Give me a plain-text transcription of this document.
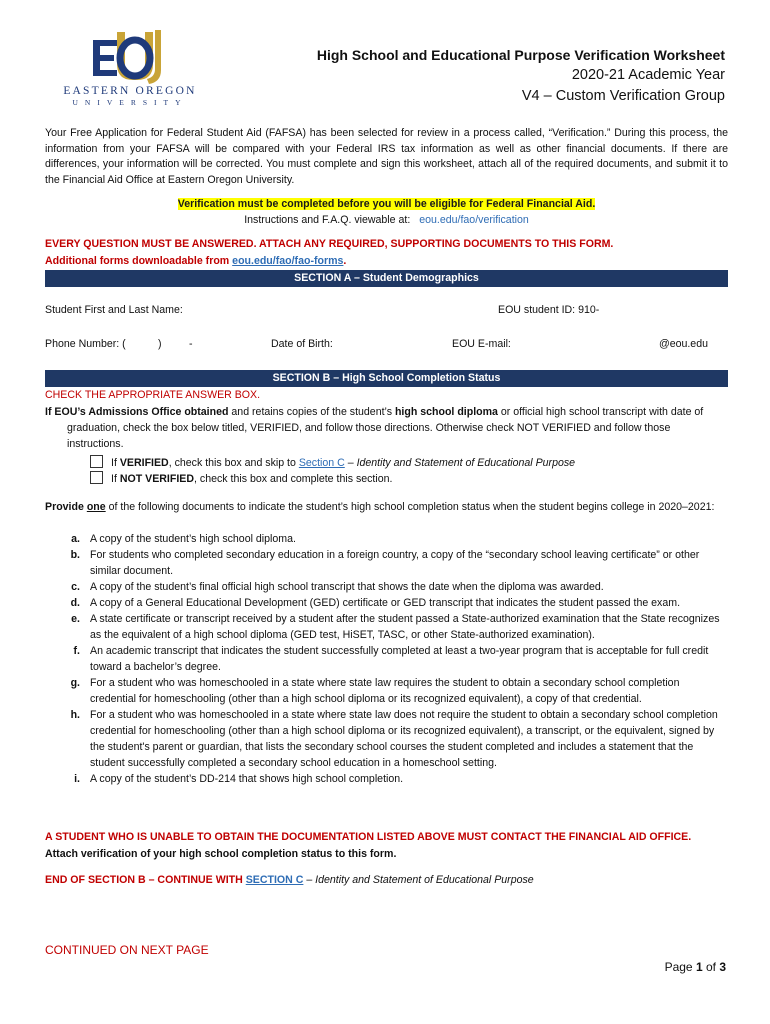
EASTERN OREGON
UNIVERSITY
High School and Educational Purpose Verification Worksheet
2020-21 Academic Year
V4 – Custom Verification Group
Your Free Application for Federal Student Aid (FAFSA) has been selected for review in a process called, “Verification.” During this process, the information from your FAFSA will be compared with your Federal IRS tax information as well as other financial documents. If there are differences, your information will be corrected. You must complete and sign this worksheet, attach all of the required documents, and submit it to the Financial Aid Office at Eastern Oregon University.
Verification must be completed before you will be eligible for Federal Financial Aid.
Instructions and F.A.Q. viewable at: eou.edu/fao/verification
EVERY QUESTION MUST BE ANSWERED. ATTACH ANY REQUIRED, SUPPORTING DOCUMENTS TO THIS FORM.
Additional forms downloadable from eou.edu/fao/fao-forms.
SECTION A – Student Demographics
Student First and Last Name:	EOU student ID: 910-
Phone Number: (	)	-	Date of Birth:	EOU E-mail:	@eou.edu
SECTION B – High School Completion Status
CHECK THE APPROPRIATE ANSWER BOX.
If EOU’s Admissions Office obtained and retains copies of the student’s high school diploma or official high school transcript with date of graduation, check the box below titled, VERIFIED, and follow those directions. Otherwise check NOT VERIFIED and follow those instructions.
If VERIFIED, check this box and skip to Section C – Identity and Statement of Educational Purpose
If NOT VERIFIED, check this box and complete this section.
Provide one of the following documents to indicate the student’s high school completion status when the student begins college in 2020–2021:
a. A copy of the student’s high school diploma.
b. For students who completed secondary education in a foreign country, a copy of the “secondary school leaving certificate” or other similar document.
c. A copy of the student’s final official high school transcript that shows the date when the diploma was awarded.
d. A copy of a General Educational Development (GED) certificate or GED transcript that indicates the student passed the exam.
e. A state certificate or transcript received by a student after the student passed a State-authorized examination that the State recognizes as the equivalent of a high school diploma (GED test, HiSET, TASC, or other State-authorized examination).
f. An academic transcript that indicates the student successfully completed at least a two-year program that is acceptable for full credit toward a bachelor’s degree.
g. For a student who was homeschooled in a state where state law requires the student to obtain a secondary school completion credential for homeschooling (other than a high school diploma or its recognized equivalent), a copy of that credential.
h. For a student who was homeschooled in a state where state law does not require the student to obtain a secondary school completion credential for homeschooling (other than a high school diploma or its recognized equivalent), a transcript, or the equivalent, signed by the student's parent or guardian, that lists the secondary school courses the student completed and includes a statement that the student successfully completed a secondary school education in a homeschool setting.
i. A copy of the student’s DD-214 that shows high school completion.
A STUDENT WHO IS UNABLE TO OBTAIN THE DOCUMENTATION LISTED ABOVE MUST CONTACT THE FINANCIAL AID OFFICE.
Attach verification of your high school completion status to this form.
END OF SECTION B – CONTINUE WITH SECTION C – Identity and Statement of Educational Purpose
CONTINUED ON NEXT PAGE
Page 1 of 3
